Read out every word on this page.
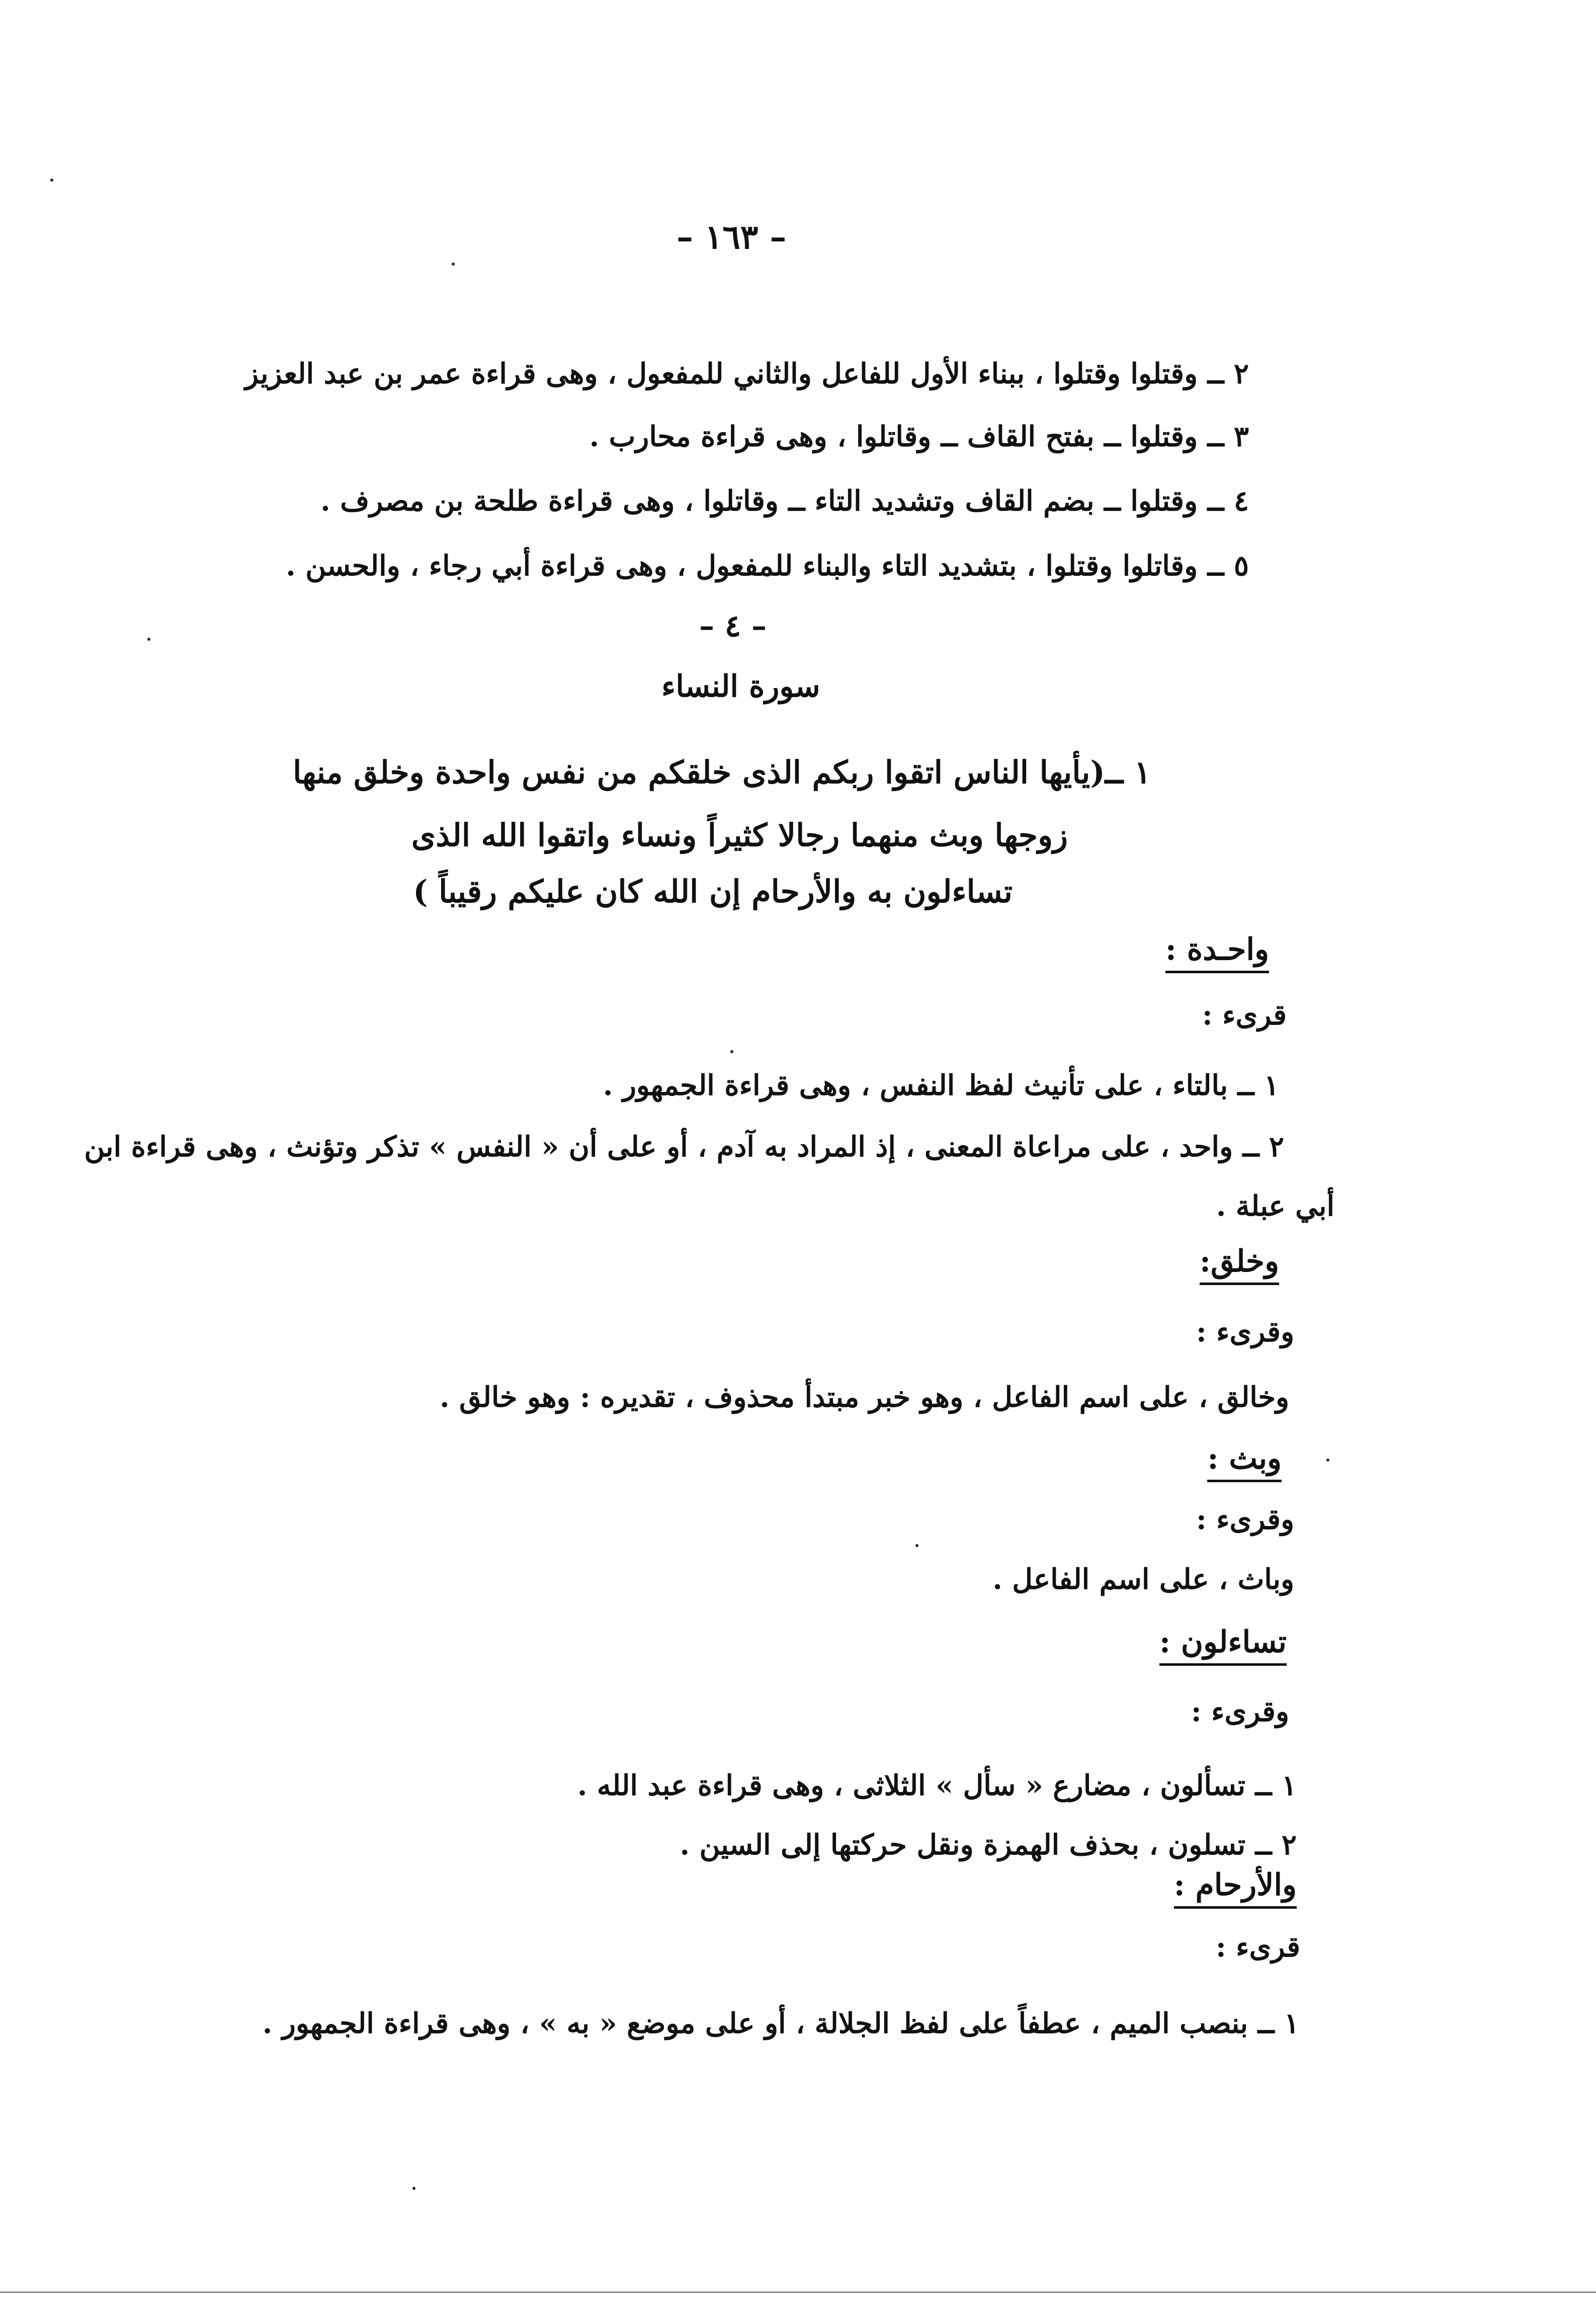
– ١٦٣ –
٢ ــ وقتلوا وقتلوا ، ببناء الأول للفاعل والثاني للمفعول ، وهى قراءة عمر بن عبد العزيز
٣ ــ وقتلوا ــ بفتح القاف ــ وقاتلوا ، وهى قراءة محارب .
٤ ــ وقتلوا ــ بضم القاف وتشديد التاء ــ وقاتلوا ، وهى قراءة طلحة بن مصرف .
٥ ــ وقاتلوا وقتلوا ، بتشديد التاء والبناء للمفعول ، وهى قراءة أبي رجاء ، والحسن .
– ٤ –
سورة النساء
١ ــ(يأيها الناس اتقوا ربكم الذى خلقكم من نفس واحدة وخلق منها
زوجها وبث منهما رجالا كثيراً ونساء واتقوا الله الذى
تساءلون به والأرحام إن الله كان عليكم رقيباً )
واحـدة :
قرىء :
١ ــ بالتاء ، على تأنيث لفظ النفس ، وهى قراءة الجمهور .
٢ ــ واحد ، على مراعاة المعنى ، إذ المراد به آدم ، أو على أن « النفس » تذكر وتؤنث ، وهى قراءة ابن
أبي عبلة .
وخلق:
وقرىء :
وخالق ، على اسم الفاعل ، وهو خبر مبتدأ محذوف ، تقديره : وهو خالق .
وبث :
وقرىء :
وباث ، على اسم الفاعل .
تساءلون :
وقرىء :
١ ــ تسألون ، مضارع « سأل » الثلاثى ، وهى قراءة عبد الله .
٢ ــ تسلون ، بحذف الهمزة ونقل حركتها إلى السين .
والأرحام :
قرىء :
١ ــ بنصب الميم ، عطفاً على لفظ الجلالة ، أو على موضع « به » ، وهى قراءة الجمهور .
